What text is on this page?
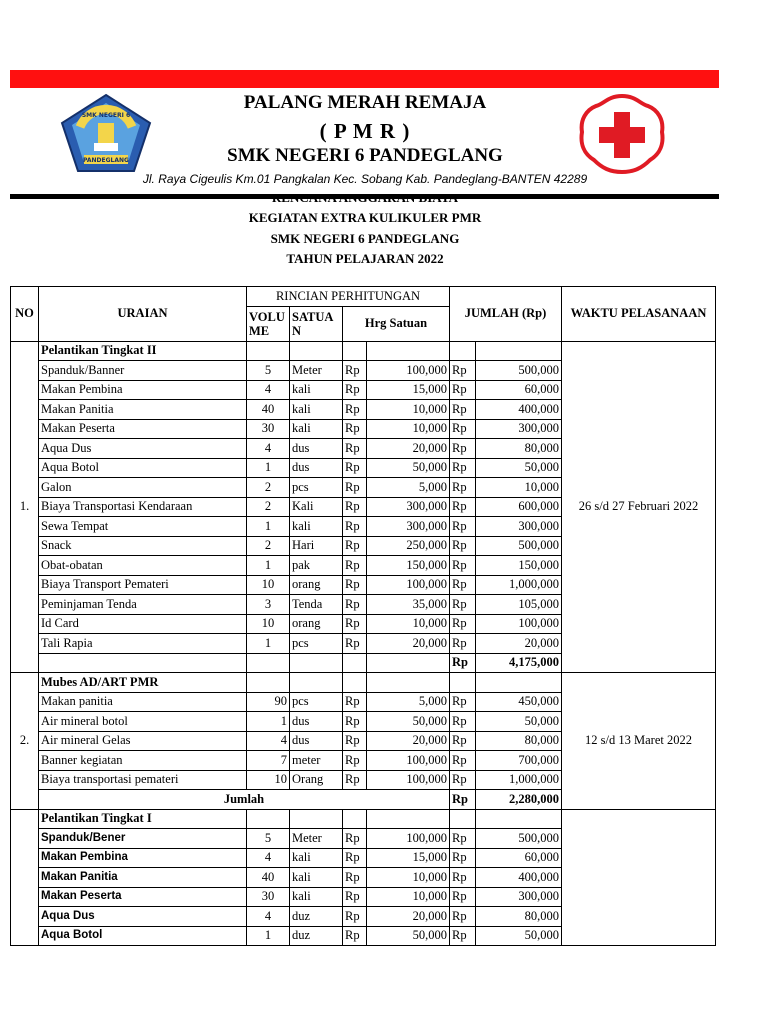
SMK NEGERI 6
PANDEGLANG
PALANG MERAH REMAJA
( P M R )
SMK NEGERI 6 PANDEGLANG
Jl. Raya Cigeulis Km.01 Pangkalan Kec. Sobang Kab. Pandeglang-BANTEN 42289
RENCANA ANGGARAN BIAYA
KEGIATAN EXTRA KULIKULER PMR
SMK NEGERI 6 PANDEGLANG
TAHUN PELAJARAN 2022
NO	URAIAN	RINCIAN PERHITUNGAN				JUMLAH (Rp)		WAKTU PELASANAAN
		VOLU ME	SATUA N	Hrg Satuan				
1.	Pelantikan Tingkat II							26 s/d 27 Februari 2022
	Spanduk/Banner	5	Meter	Rp	100,000	Rp	500,000	
	Makan Pembina	4	kali	Rp	15,000	Rp	60,000	
	Makan Panitia	40	kali	Rp	10,000	Rp	400,000	
	Makan Peserta	30	kali	Rp	10,000	Rp	300,000	
	Aqua Dus	4	dus	Rp	20,000	Rp	80,000	
	Aqua Botol	1	dus	Rp	50,000	Rp	50,000	
	Galon	2	pcs	Rp	5,000	Rp	10,000	
	Biaya Transportasi Kendaraan	2	Kali	Rp	300,000	Rp	600,000	
	Sewa Tempat	1	kali	Rp	300,000	Rp	300,000	
	Snack	2	Hari	Rp	250,000	Rp	500,000	
	Obat-obatan	1	pak	Rp	150,000	Rp	150,000	
	Biaya Transport Pemateri	10	orang	Rp	100,000	Rp	1,000,000	
	Peminjaman Tenda	3	Tenda	Rp	35,000	Rp	105,000	
	Id Card	10	orang	Rp	10,000	Rp	100,000	
	Tali Rapia	1	pcs	Rp	20,000	Rp	20,000	
						Rp	4,175,000	
2.	Mubes AD/ART PMR							12 s/d 13 Maret 2022
	Makan panitia	90	pcs	Rp	5,000	Rp	450,000	
	Air mineral botol	1	dus	Rp	50,000	Rp	50,000	
	Air mineral Gelas	4	dus	Rp	20,000	Rp	80,000	
	Banner kegiatan	7	meter	Rp	100,000	Rp	700,000	
	Biaya transportasi pemateri	10	Orang	Rp	100,000	Rp	1,000,000	
	Jumlah					Rp	2,280,000	
	Pelantikan Tingkat I							
	Spanduk/Bener	5	Meter	Rp	100,000	Rp	500,000	
	Makan Pembina	4	kali	Rp	15,000	Rp	60,000	
	Makan Panitia	40	kali	Rp	10,000	Rp	400,000	
	Makan Peserta	30	kali	Rp	10,000	Rp	300,000	
	Aqua Dus	4	duz	Rp	20,000	Rp	80,000	
	Aqua Botol	1	duz	Rp	50,000	Rp	50,000	
